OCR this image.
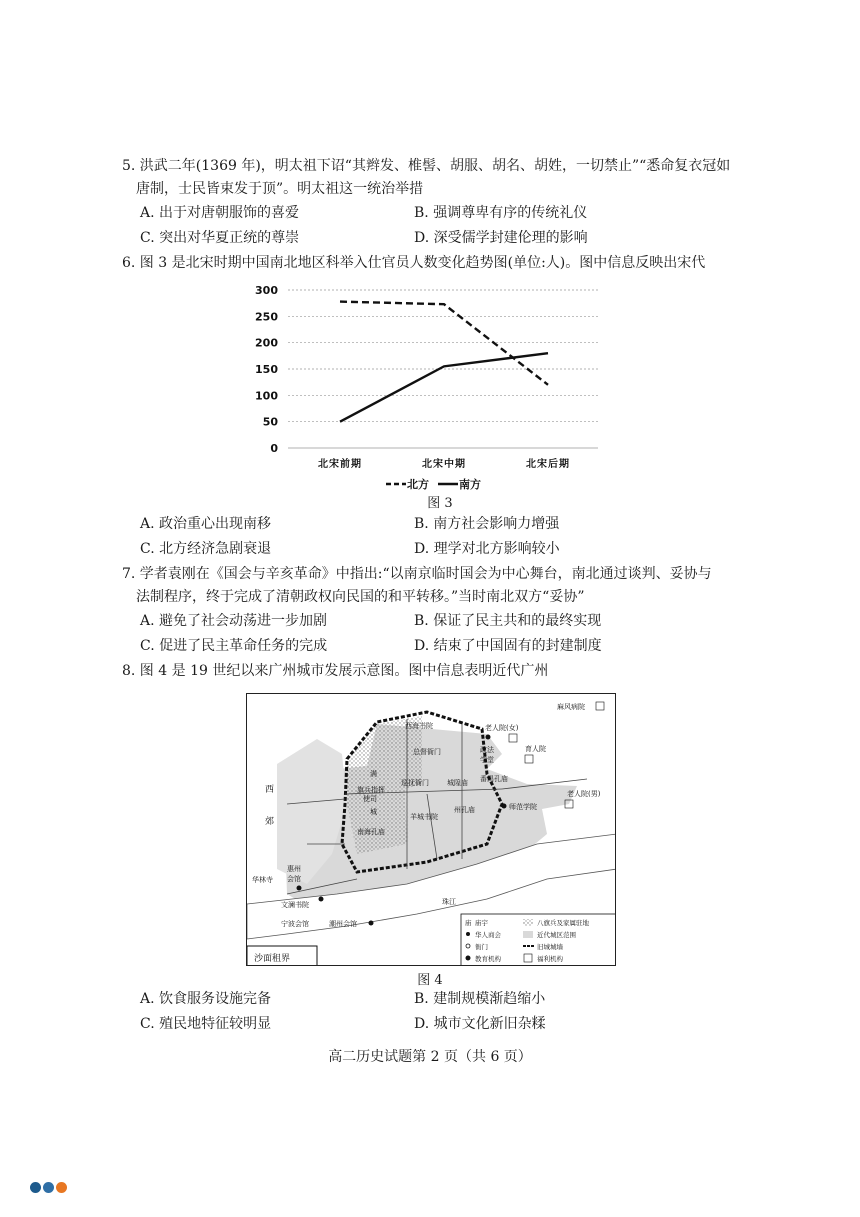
5. 洪武二年(1369 年)，明太祖下诏“其辫发、椎髻、胡服、胡名、胡姓，一切禁止”“悉命复衣冠如
唐制，士民皆束发于顶”。明太祖这一统治举措
A. 出于对唐朝服饰的喜爱	B. 强调尊卑有序的传统礼仪
C. 突出对华夏正统的尊崇	D. 深受儒学封建伦理的影响
6. 图 3 是北宋时期中国南北地区科举入仕官员人数变化趋势图(单位:人)。图中信息反映出宋代
0
50
100
150
200
250
300
北宋前期	北宋中期	北宋后期
北方	南方
图 3
A. 政治重心出现南移	B. 南方社会影响力增强
C. 北方经济急剧衰退	D. 理学对北方影响较小
7. 学者袁刚在《国会与辛亥革命》中指出:“以南京临时国会为中心舞台，南北通过谈判、妥协与
法制程序，终于完成了清朝政权向民国的和平转移。”当时南北双方“妥协”
A. 避免了社会动荡进一步加剧	B. 保证了民主共和的最终实现
C. 促进了民主革命任务的完成	D. 结束了中国固有的封建制度
8. 图 4 是 19 世纪以来广州城市发展示意图。图中信息表明近代广州
麻风病院
西海书院	老人院(女)
政法
学堂
育人院
总督衙门
满
旗兵指挥
使司
巡抚衙门	城隍庙 番禺孔庙
老人院(男)
西
郊
城
羊城书院
州孔庙	师范学院
南海孔庙
惠州
会馆
华林寺
文澜书院	珠江
宁波会馆	潮州会馆
沙面租界
庙 庙宇
华人商会
衙门
教育机构
八旗兵及家属驻地
近代城区范围
旧城城墙
福利机构
图 4
A. 饮食服务设施完备	B. 建制规模渐趋缩小
C. 殖民地特征较明显	D. 城市文化新旧杂糅
高二历史试题第 2 页（共 6 页）
